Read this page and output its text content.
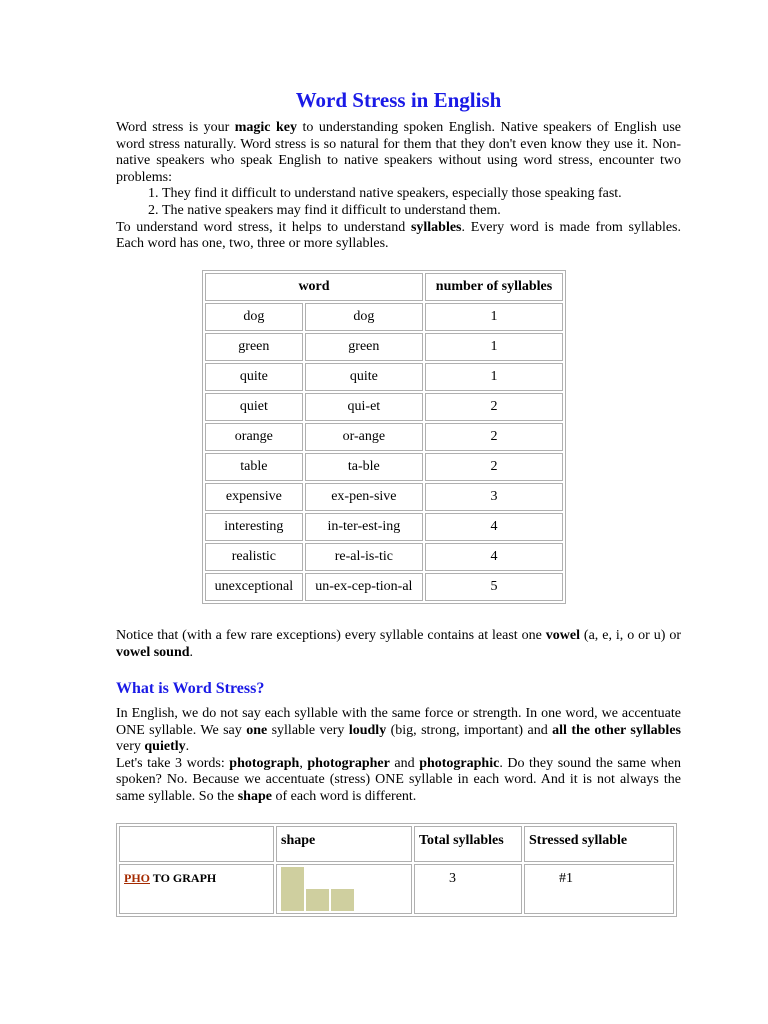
Word Stress in English

Word stress is your magic key to understanding spoken English. Native speakers of English use word stress naturally. Word stress is so natural for them that they don't even know they use it. Non-native speakers who speak English to native speakers without using word stress, encounter two problems:

1. They find it difficult to understand native speakers, especially those speaking fast.
2. The native speakers may find it difficult to understand them.

To understand word stress, it helps to understand syllables. Every word is made from syllables. Each word has one, two, three or more syllables.

word		number of syllables
dog	dog	1
green	green	1
quite	quite	1
quiet	qui-et	2
orange	or-ange	2
table	ta-ble	2
expensive	ex-pen-sive	3
interesting	in-ter-est-ing	4
realistic	re-al-is-tic	4
unexceptional	un-ex-cep-tion-al	5

Notice that (with a few rare exceptions) every syllable contains at least one vowel (a, e, i, o or u) or vowel sound.

What is Word Stress?

In English, we do not say each syllable with the same force or strength. In one word, we accentuate ONE syllable. We say one syllable very loudly (big, strong, important) and all the other syllables very quietly.

Let's take 3 words: photograph, photographer and photographic. Do they sound the same when spoken? No. Because we accentuate (stress) ONE syllable in each word. And it is not always the same syllable. So the shape of each word is different.

	shape	Total syllables	Stressed syllable
PHO TO GRAPH		3	#1
